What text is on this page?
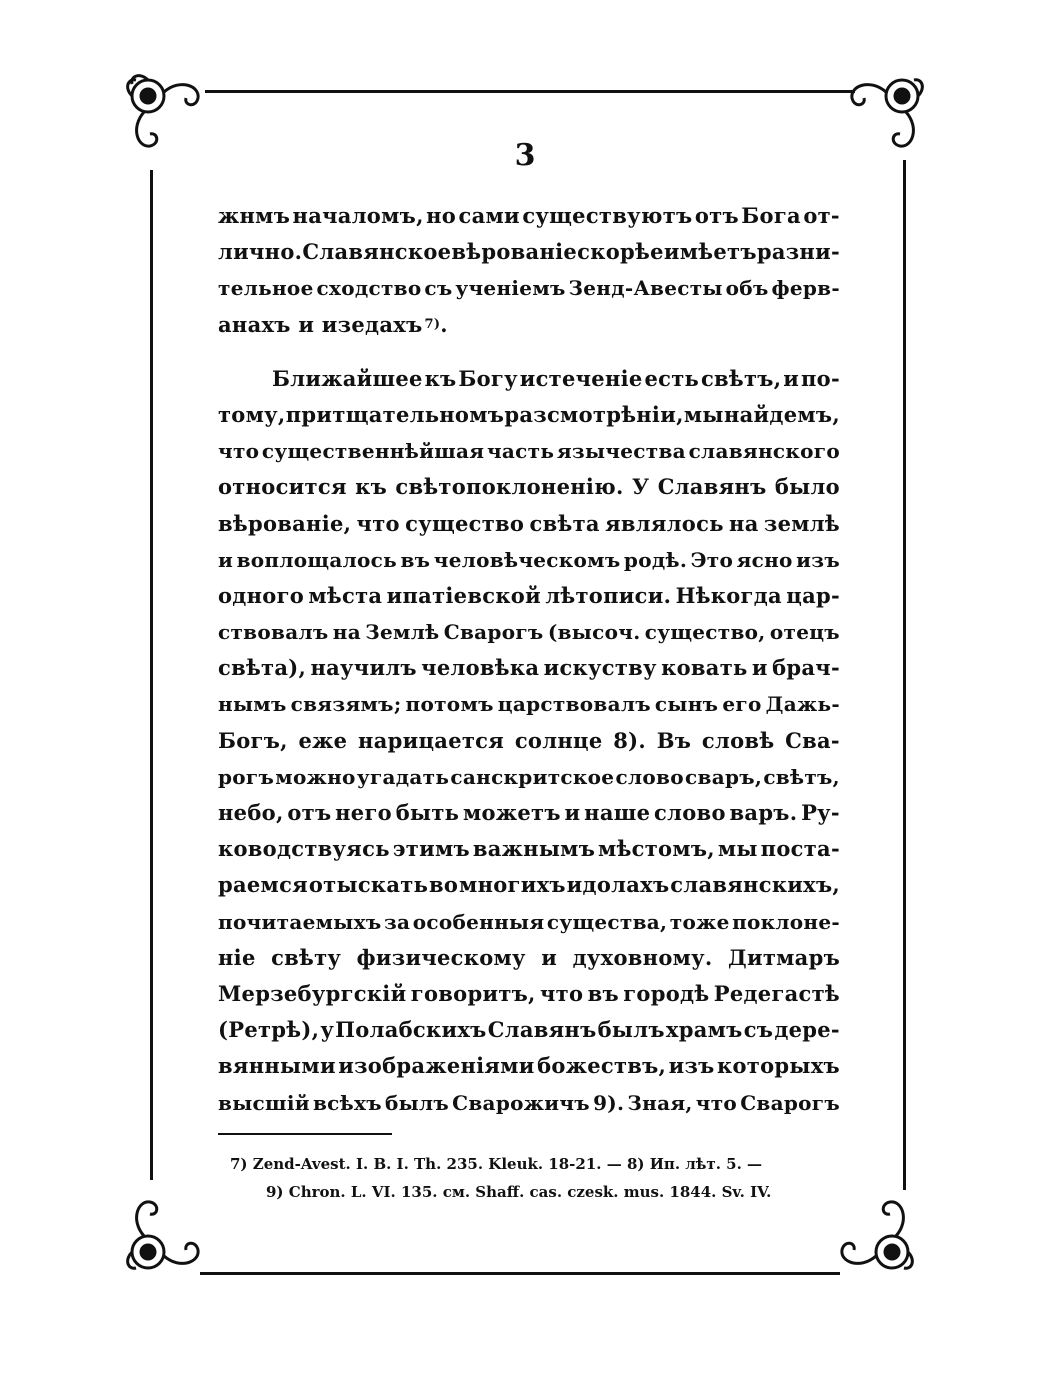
3
жнмъ началомъ, но сами существуютъ отъ Бога от-
лично. Славянское вѣрованіе скорѣе имѣетъ разни-
тельное сходство съ ученіемъ Зенд-Авесты объ ферв-
анахъ и изедахъ 7) .
Ближайшее къ Богу истеченіе есть свѣтъ, и по-
тому, при тщательномъ разсмотрѣніи, мы найдемъ,
что существеннѣйшая часть язычества славянского
относится къ свѣтопоклоненію. У Славянъ было
вѣрованіе, что существо свѣта являлось на землѣ
и воплощалось въ человѣческомъ родѣ. Это ясно изъ
одного мѣста ипатіевской лѣтописи. Нѣкогда цар-
ствовалъ на Землѣ Сварогъ (высоч. существо, отецъ
свѣта), научилъ человѣка искуству ковать и брач-
нымъ связямъ; потомъ царствовалъ сынъ его Дажь-
Богъ, еже нарицается солнце 8). Въ словѣ Сва-
рогъ можно угадать санскритское слово сваръ, свѣтъ,
небо, отъ него быть можетъ и наше слово варъ. Ру-
ководствуясь этимъ важнымъ мѣстомъ, мы поста-
раемся отыскать во многихъ идолахъ славянскихъ,
почитаемыхъ за особенныя существа, тоже поклоне-
ніе свѣту физическому и духовному. Дитмаръ
Мерзебургскій говоритъ, что въ городѣ Редегастѣ
(Ретрѣ), у Полабскихъ Славянъ былъ храмъ съ дере-
вянными изображеніями божествъ, изъ которыхъ
высшій всѣхъ былъ Сварожичъ 9). Зная, что Сварогъ
7) Zend-Avest. I. B. I. Th. 235. Kleuk. 18-21. — 8) Ип. лѣт. 5. —
9) Chron. L. VI. 135. см. Shaff. cas. czesk. mus. 1844. Sv. IV.
